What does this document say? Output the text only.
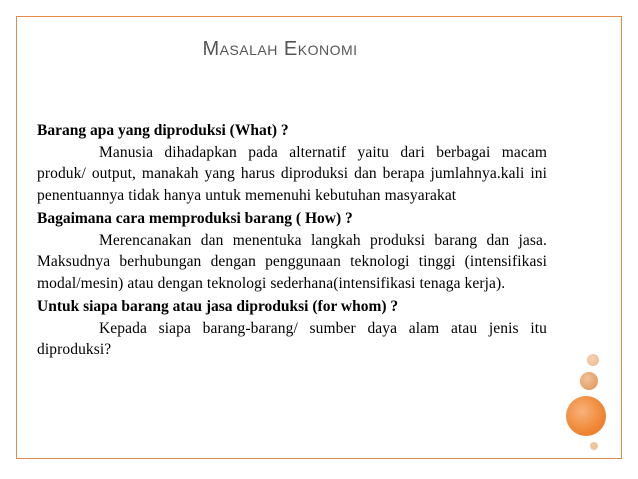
Masalah Ekonomi

Barang apa yang diproduksi (What) ?

Manusia dihadapkan pada alternatif yaitu dari berbagai macam produk/ output, manakah yang harus diproduksi dan berapa jumlahnya.kali ini penentuannya tidak hanya untuk memenuhi kebutuhan masyarakat

Bagaimana cara memproduksi barang ( How) ?

Merencanakan dan menentuka langkah produksi barang dan jasa. Maksudnya berhubungan dengan penggunaan teknologi tinggi (intensifikasi modal/mesin) atau dengan teknologi sederhana(intensifikasi tenaga kerja).

Untuk siapa barang atau jasa diproduksi (for whom) ?

Kepada siapa barang-barang/ sumber daya alam atau jenis itu diproduksi?
